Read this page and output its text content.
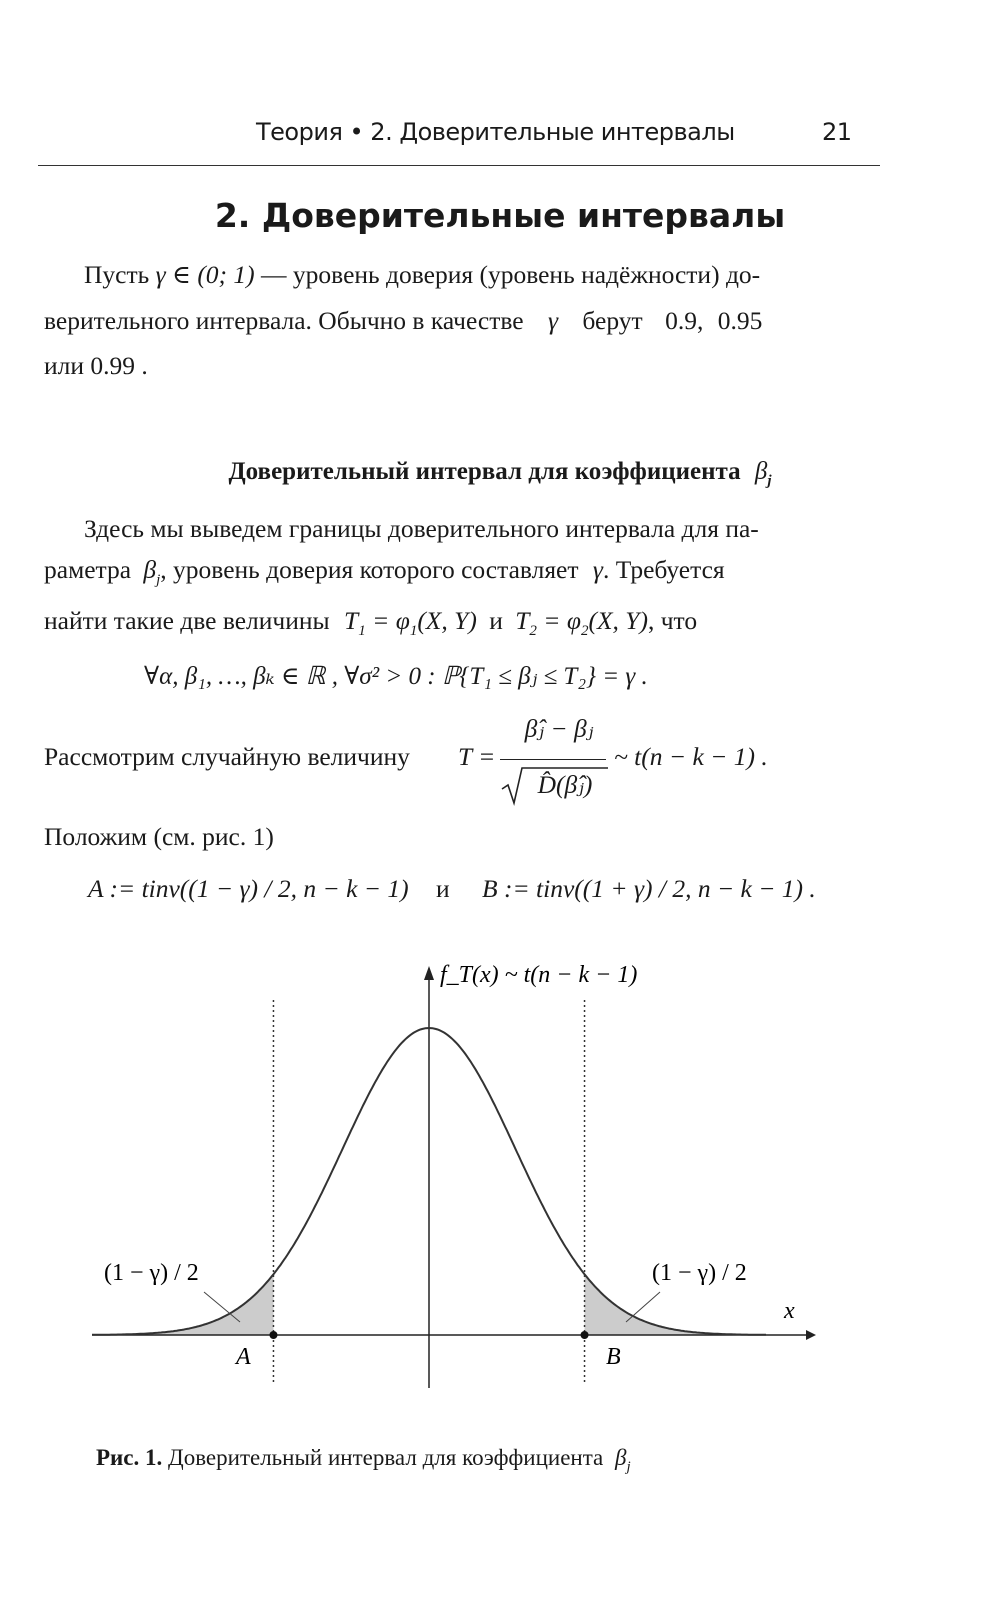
Теория • 2. Доверительные интервалы	21
2. Доверительные интервалы
Пусть γ ∈ (0; 1) — уровень доверия (уровень надёжности) до-
верительного интервала. Обычно в качестве γ берут 0.9, 0.95
или 0.99 .
Доверительный интервал для коэффициента $\beta_j$
Здесь мы выведем границы доверительного интервала для па-
раметра $\beta_j$, уровень доверия которого составляет γ. Требуется
найти такие две величины $T_1 = \varphi_1(X$, Y) и $T_2 = \varphi_2(X$, Y), что
∀α, β₁, …, βₖ ∈ ℝ , ∀σ² > 0 : ℙ{T₁ ≤ βⱼ ≤ T₂} = γ .
Рассмотрим случайную величину T =
β̂ⱼ − βⱼ
D̂(β̂ⱼ)
~ t(n − k − 1) .
Положим (см. рис. 1)
A := tinv((1 − γ) / 2, n − k − 1) и B := tinv((1 + γ) / 2, n − k − 1) .
(1 − γ) / 2	(1 − γ) / 2
A	B
x
f_T(x) ~ t(n − k − 1)
Рис. 1. Доверительный интервал для коэффициента $\beta_j$
